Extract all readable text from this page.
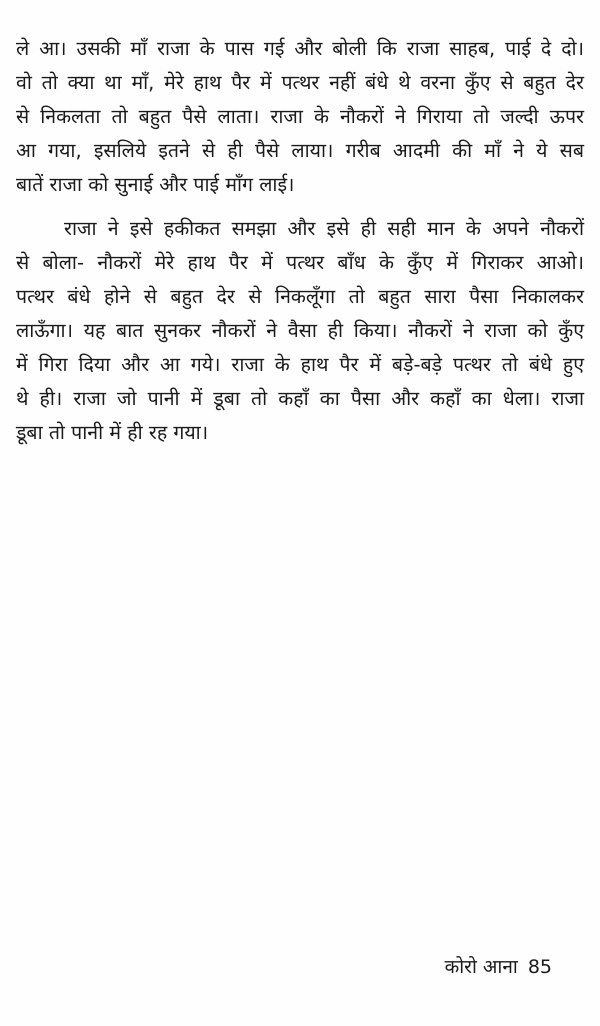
ले आ। उसकी माँ राजा के पास गई और बोली कि राजा साहब, पाई दे दो।
वो तो क्या था माँ, मेरे हाथ पैर में पत्थर नहीं बंधे थे वरना कुँए से बहुत देर
से निकलता तो बहुत पैसे लाता। राजा के नौकरों ने गिराया तो जल्दी ऊपर
आ गया, इसलिये इतने से ही पैसे लाया। गरीब आदमी की माँ ने ये सब
बातें राजा को सुनाई और पाई माँग लाई।
राजा ने इसे हकीकत समझा और इसे ही सही मान के अपने नौकरों
से बोला- नौकरों मेरे हाथ पैर में पत्थर बाँध के कुँए में गिराकर आओ।
पत्थर बंधे होने से बहुत देर से निकलूँगा तो बहुत सारा पैसा निकालकर
लाऊँगा। यह बात सुनकर नौकरों ने वैसा ही किया। नौकरों ने राजा को कुँए
में गिरा दिया और आ गये। राजा के हाथ पैर में बड़े-बड़े पत्थर तो बंधे हुए
थे ही। राजा जो पानी में डूबा तो कहाँ का पैसा और कहाँ का धेला। राजा
डूबा तो पानी में ही रह गया।
कोरो आना 85
